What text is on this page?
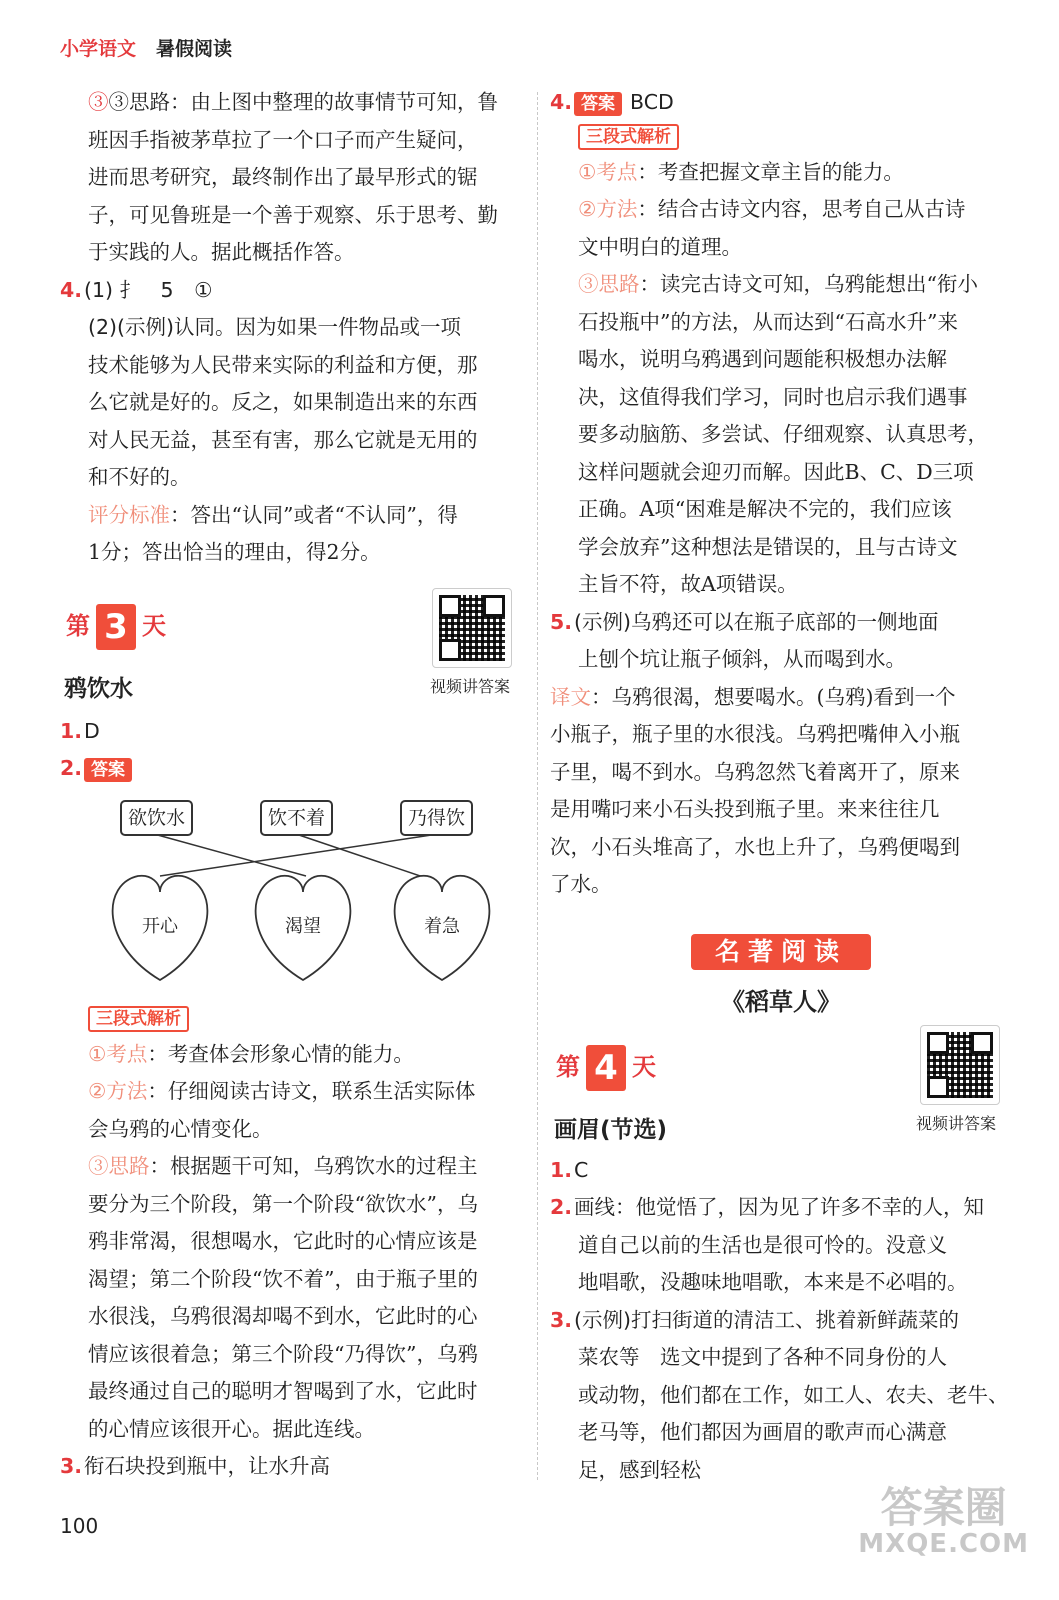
小学语文 暑假阅读

③③思路：由上图中整理的故事情节可知，鲁

班因手指被茅草拉了一个口子而产生疑问，

进而思考研究，最终制作出了最早形式的锯

子，可见鲁班是一个善于观察、乐于思考、勤

于实践的人。据此概括作答。

4.(1) 扌　5　①

(2)(示例)认同。因为如果一件物品或一项

技术能够为人民带来实际的利益和方便，那

么它就是好的。反之，如果制造出来的东西

对人民无益，甚至有害，那么它就是无用的

和不好的。

评分标准：答出“认同”或者“不认同”，得

1分；答出恰当的理由，得2分。

第 3 天
视频讲答案
鸦饮水

1.D

2. 答案

欲饮水	饮不着	乃得饮
开心	渴望	着急
三段式解析

①考点：考查体会形象心情的能力。

②方法：仔细阅读古诗文，联系生活实际体

会乌鸦的心情变化。

③思路：根据题干可知，乌鸦饮水的过程主

要分为三个阶段，第一个阶段“欲饮水”，乌

鸦非常渴，很想喝水，它此时的心情应该是

渴望；第二个阶段“饮不着”，由于瓶子里的

水很浅，乌鸦很渴却喝不到水，它此时的心

情应该很着急；第三个阶段“乃得饮”，乌鸦

最终通过自己的聪明才智喝到了水，它此时

的心情应该很开心。据此连线。

3.衔石块投到瓶中，让水升高

4. 答案 BCD

三段式解析

①考点：考查把握文章主旨的能力。

②方法：结合古诗文内容，思考自己从古诗

文中明白的道理。

③思路：读完古诗文可知，乌鸦能想出“衔小

石投瓶中”的方法，从而达到“石高水升”来

喝水，说明乌鸦遇到问题能积极想办法解

决，这值得我们学习，同时也启示我们遇事

要多动脑筋、多尝试、仔细观察、认真思考，

这样问题就会迎刃而解。因此B、C、D三项

正确。A项“困难是解决不完的，我们应该

学会放弃”这种想法是错误的，且与古诗文

主旨不符，故A项错误。

5.(示例)乌鸦还可以在瓶子底部的一侧地面

上刨个坑让瓶子倾斜，从而喝到水。

译文：乌鸦很渴，想要喝水。(乌鸦)看到一个

小瓶子，瓶子里的水很浅。乌鸦把嘴伸入小瓶

子里，喝不到水。乌鸦忽然飞着离开了，原来

是用嘴叼来小石头投到瓶子里。来来往往几

次，小石头堆高了，水也上升了，乌鸦便喝到

了水。

名著阅读
《稻草人》
第 4 天
视频讲答案
画眉(节选)

1.C

2.画线：他觉悟了，因为见了许多不幸的人，知

道自己以前的生活也是很可怜的。没意义

地唱歌，没趣味地唱歌，本来是不必唱的。

3.(示例)打扫街道的清洁工、挑着新鲜蔬菜的

菜农等　选文中提到了各种不同身份的人

或动物，他们都在工作，如工人、农夫、老牛、

老马等，他们都因为画眉的歌声而心满意

足，感到轻松

100	答案圈
MXQE.COM
